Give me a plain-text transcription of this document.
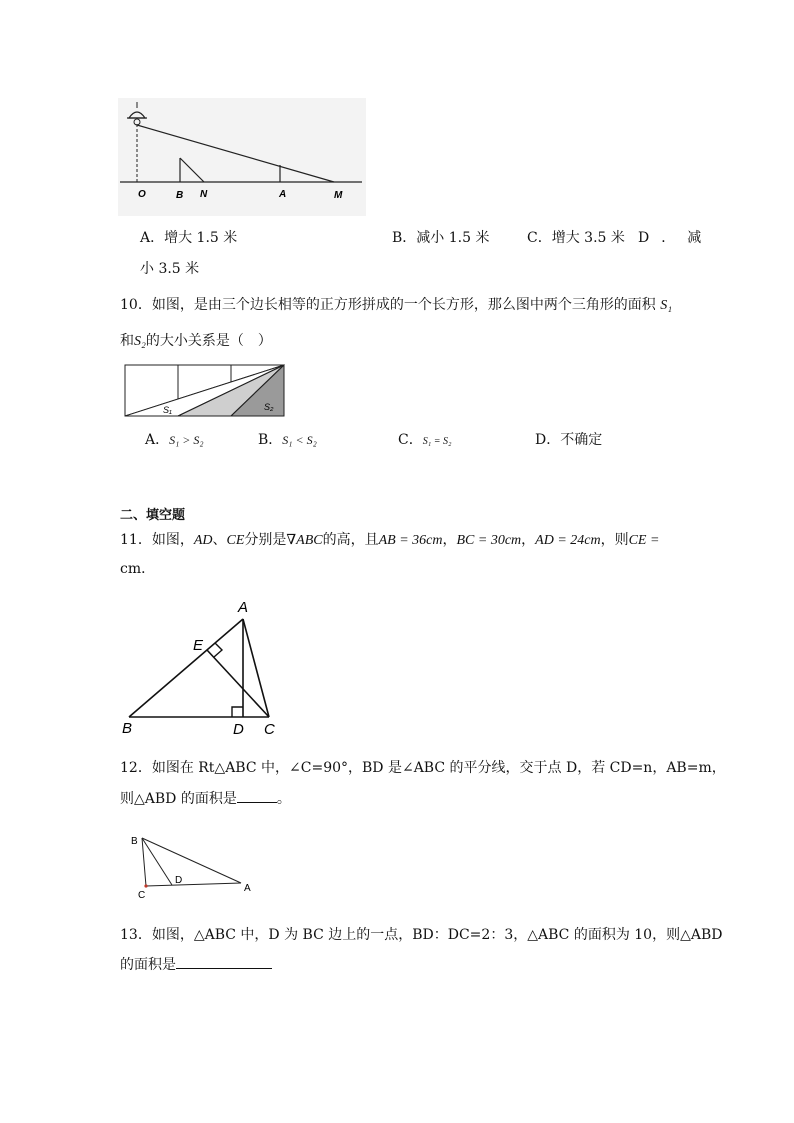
O	B N	A	M
A．增大 1.5 米	B．减小 1.5 米	C．增大 3.5 米 D．减
小 3.5 米
10．如图，是由三个边长相等的正方形拼成的一个长方形，那么图中两个三角形的面积 S₁
和S₂的大小关系是（　）
S₁	S₂
A．S₁ > S₂	B．S₁ < S₂	C．S₁ = S₂	D．不确定
二、填空题
11．如图，AD、CE分别是∇ABC的高，且AB = 36cm，BC = 30cm，AD = 24cm，则CE =
cm．
A
E
B	D C
12．如图在 Rt△ABC 中，∠C=90°，BD 是∠ABC 的平分线，交于点 D，若 CD=n，AB=m，
则△ABD 的面积是	。
B
D
A
C
13．如图，△ABC 中，D 为 BC 边上的一点，BD：DC=2：3，△ABC 的面积为 10，则△ABD
的面积是
